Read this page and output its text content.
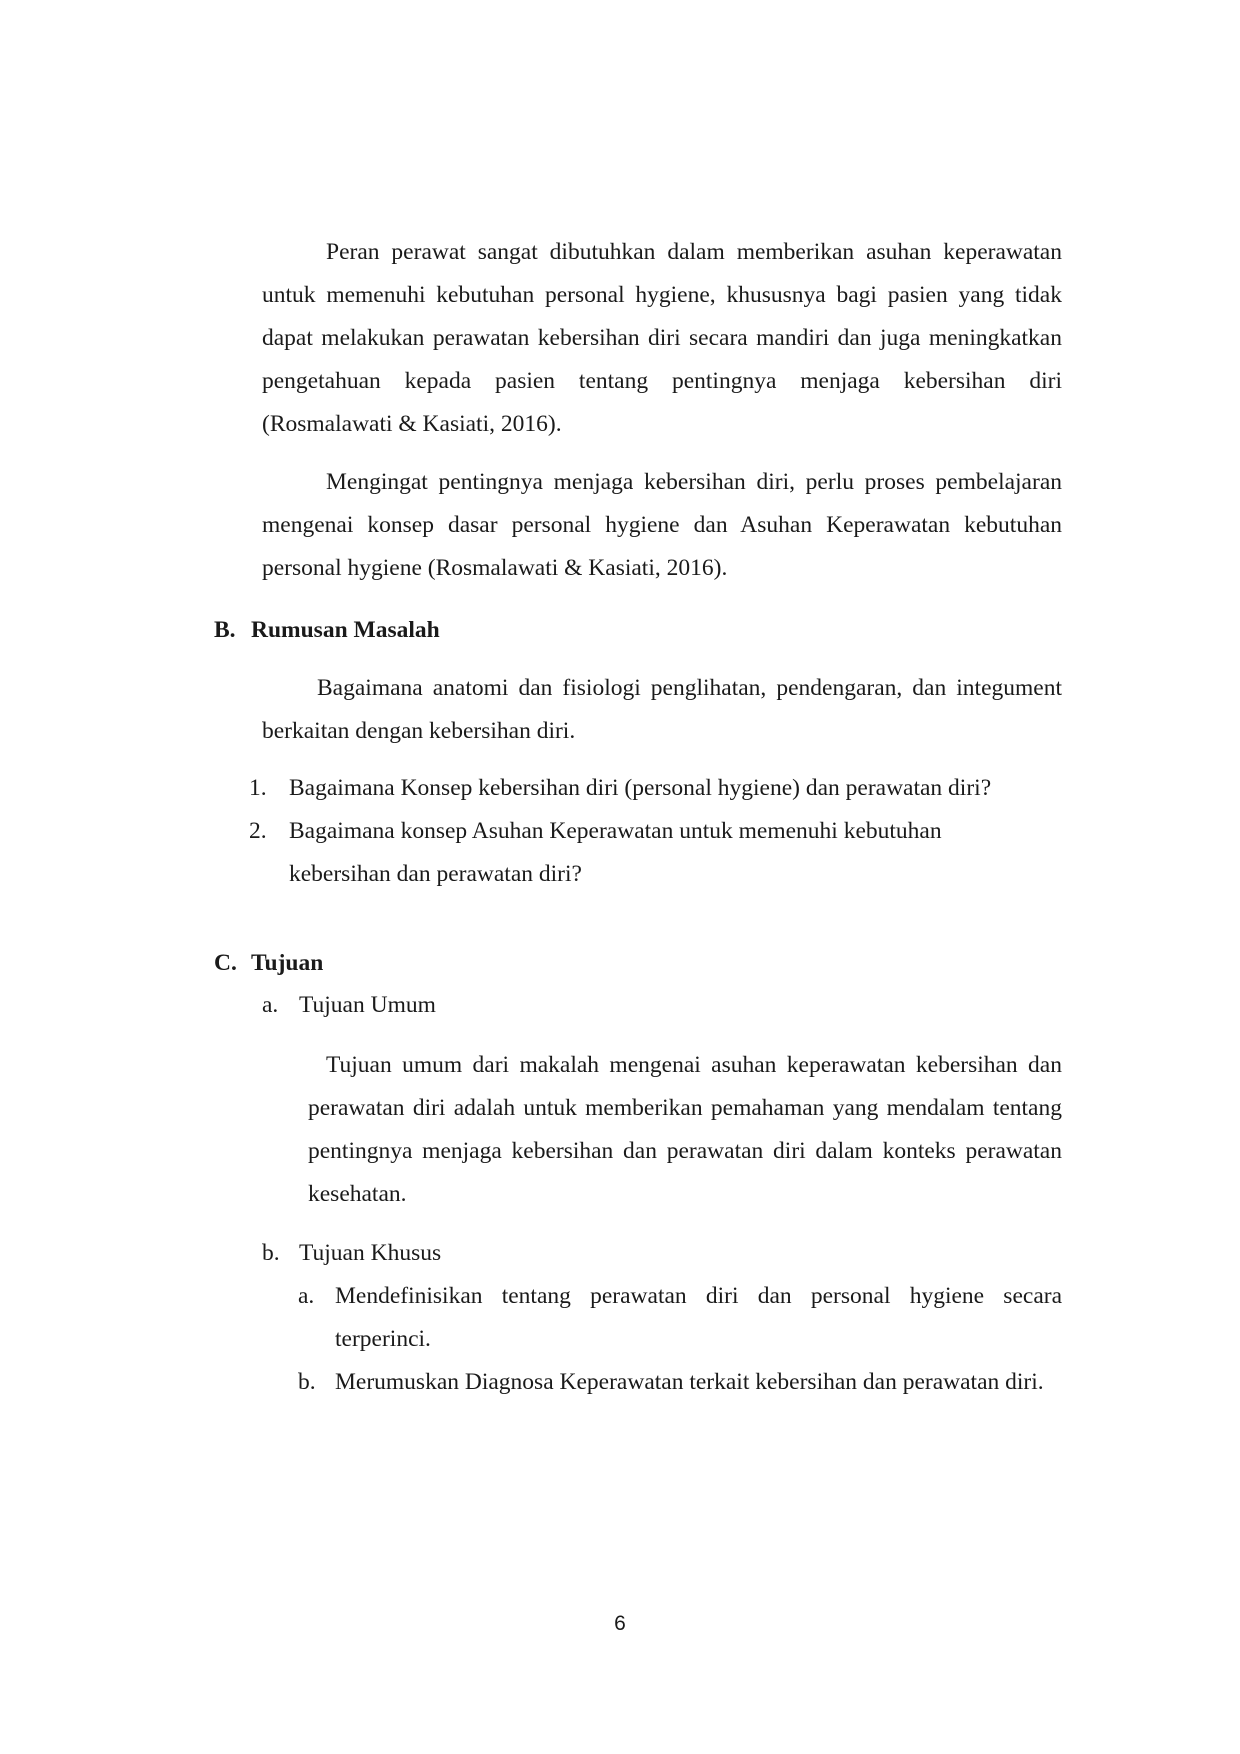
Peran perawat sangat dibutuhkan dalam memberikan asuhan keperawatan untuk memenuhi kebutuhan personal hygiene, khususnya bagi pasien yang tidak dapat melakukan perawatan kebersihan diri secara mandiri dan juga meningkatkan pengetahuan kepada pasien tentang pentingnya menjaga kebersihan diri (Rosmalawati & Kasiati, 2016).

Mengingat pentingnya menjaga kebersihan diri, perlu proses pembelajaran mengenai konsep dasar personal hygiene dan Asuhan Keperawatan kebutuhan personal hygiene (Rosmalawati & Kasiati, 2016).

B. Rumusan Masalah

Bagaimana anatomi dan fisiologi penglihatan, pendengaran, dan integument berkaitan dengan kebersihan diri.

1. Bagaimana Konsep kebersihan diri (personal hygiene) dan perawatan diri?
2. Bagaimana konsep Asuhan Keperawatan untuk memenuhi kebutuhan kebersihan dan perawatan diri?
C. Tujuan
a. Tujuan Umum

Tujuan umum dari makalah mengenai asuhan keperawatan kebersihan dan perawatan diri adalah untuk memberikan pemahaman yang mendalam tentang pentingnya menjaga kebersihan dan perawatan diri dalam konteks perawatan kesehatan.

b. Tujuan Khusus
a. Mendefinisikan tentang perawatan diri dan personal hygiene secara terperinci.
b. Merumuskan Diagnosa Keperawatan terkait kebersihan dan perawatan diri.
6
